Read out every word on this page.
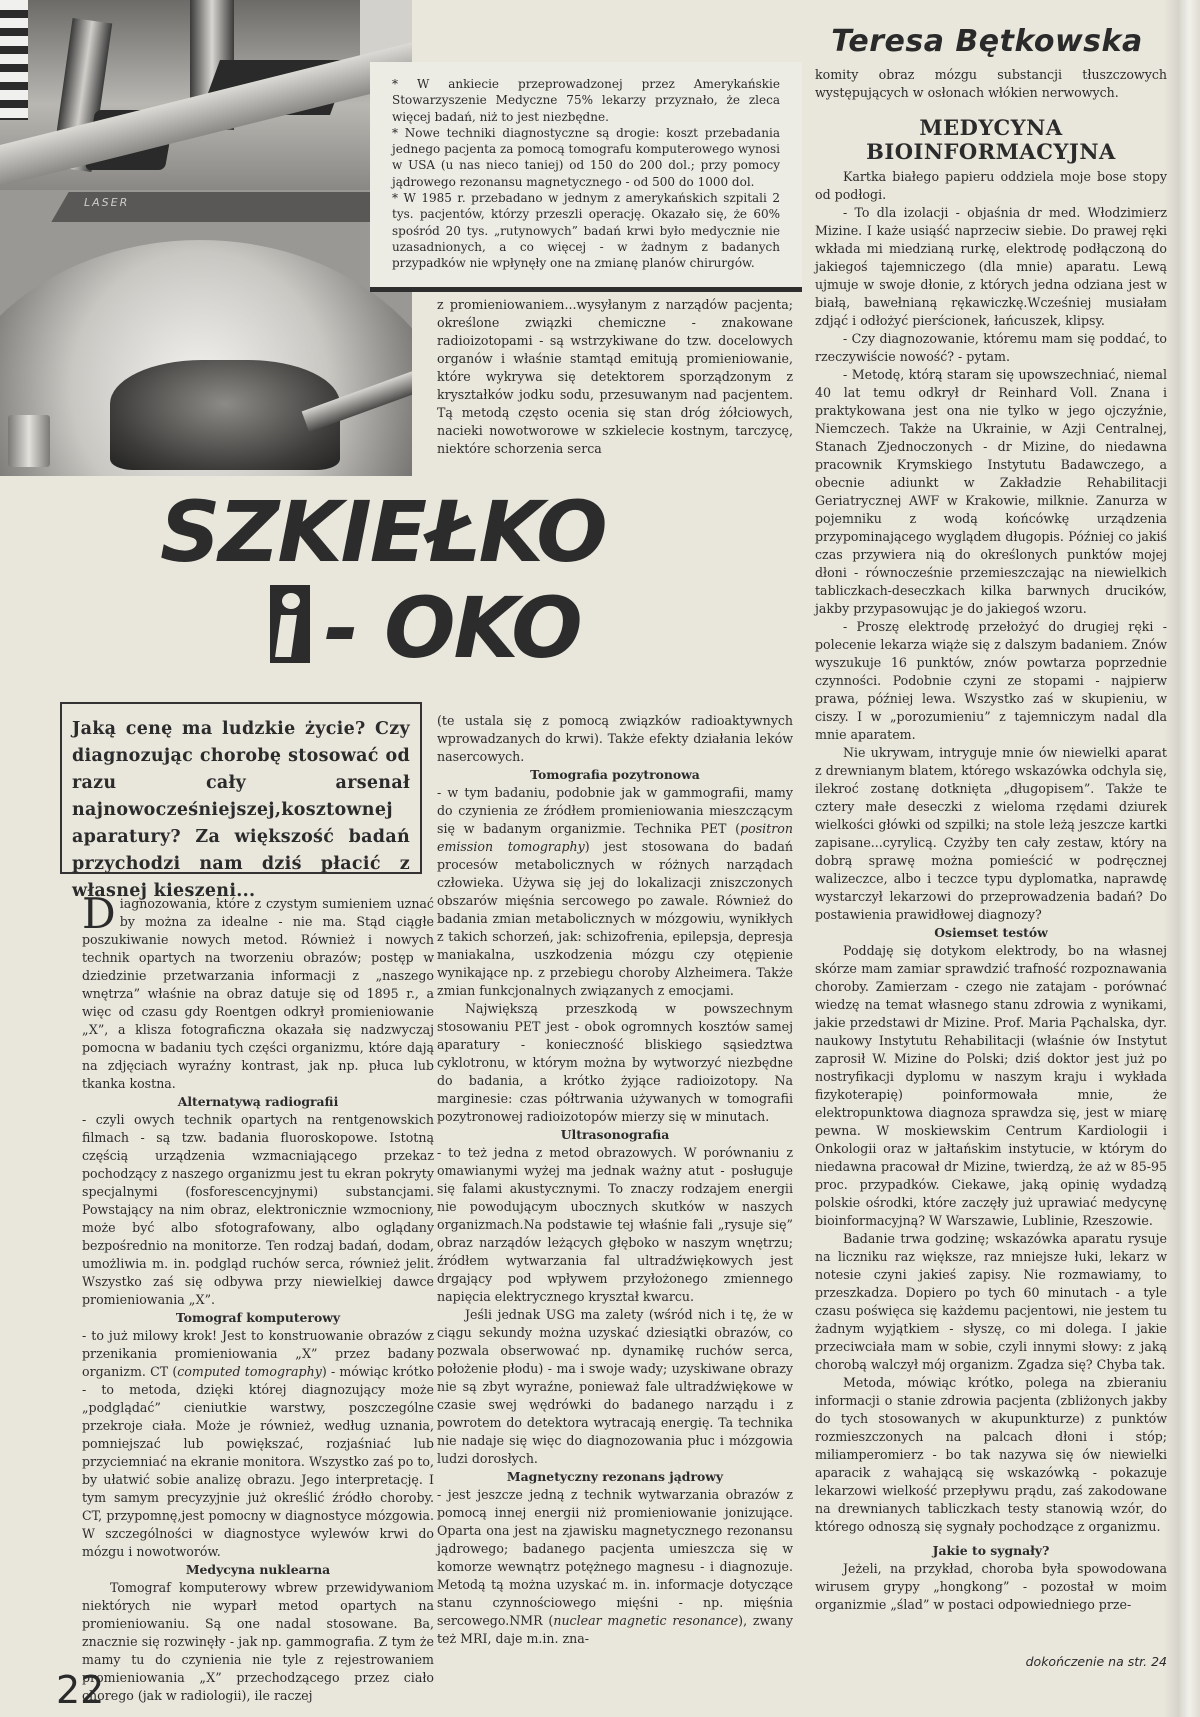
LASER

* W ankiecie przeprowadzonej przez Amerykańskie Stowarzyszenie Medyczne 75% lekarzy przyznało, że zleca więcej badań, niż to jest niezbędne.

* Nowe techniki diagnostyczne są drogie: koszt przebadania jednego pacjenta za pomocą tomografu komputerowego wynosi w USA (u nas nieco taniej) od 150 do 200 dol.; przy pomocy jądrowego rezonansu magnetycznego - od 500 do 1000 dol.

* W 1985 r. przebadano w jednym z amerykańskich szpitali 2 tys. pacjentów, którzy przeszli operację. Okazało się, że 60% spośród 20 tys. „rutynowych” badań krwi było medycznie nie uzasadnionych, a co więcej - w żadnym z badanych przypadków nie wpłynęły one na zmianę planów chirurgów.

Teresa Bętkowska

z promieniowaniem...wysyłanym z narządów pacjenta; określone związki chemiczne - znakowane radioizotopami - są wstrzykiwane do tzw. docelowych organów i właśnie stamtąd emitują promieniowanie, które wykrywa się detektorem sporządzonym z kryształków jodku sodu, przesuwanym nad pacjentem. Tą metodą często ocenia się stan dróg żółciowych, nacieki nowotworowe w szkielecie kostnym, tarczycę, niektóre schorzenia serca

SZKIEŁKO
- OKO
Jaką cenę ma ludzkie życie? Czy diagnozując chorobę stosować od razu cały arsenał najnowocześniejszej,kosztownej aparatury? Za większość badań przychodzi nam dziś płacić z własnej kieszeni...

Diagnozowania, które z czystym sumieniem uznać by można za idealne - nie ma. Stąd ciągłe poszukiwanie nowych metod. Również i nowych technik opartych na tworzeniu obrazów; postęp w dziedzinie przetwarzania informacji z „naszego wnętrza” właśnie na obraz datuje się od 1895 r., a więc od czasu gdy Roentgen odkrył promieniowanie „X”, a klisza fotograficzna okazała się nadzwyczaj pomocna w badaniu tych części organizmu, które dają na zdjęciach wyraźny kontrast, jak np. płuca lub tkanka kostna.

Alternatywą radiografii

- czyli owych technik opartych na rentgenowskich filmach - są tzw. badania fluoroskopowe. Istotną częścią urządzenia wzmacniającego przekaz pochodzący z naszego organizmu jest tu ekran pokryty specjalnymi (fosforescencyjnymi) substancjami. Powstający na nim obraz, elektronicznie wzmocniony, może być albo sfotografowany, albo oglądany bezpośrednio na monitorze. Ten rodzaj badań, dodam, umożliwia m. in. podgląd ruchów serca, również jelit. Wszystko zaś się odbywa przy niewielkiej dawce promieniowania „X”.

Tomograf komputerowy

- to już milowy krok! Jest to konstruowanie obrazów z przenikania promieniowania „X” przez badany organizm. CT (computed tomography) - mówiąc krótko - to metoda, dzięki której diagnozujący może „podglądać” cieniutkie warstwy, poszczególne przekroje ciała. Może je również, według uznania, pomniejszać lub powiększać, rozjaśniać lub przyciemniać na ekranie monitora. Wszystko zaś po to, by ułatwić sobie analizę obrazu. Jego interpretację. I tym samym precyzyjnie już określić źródło choroby. CT, przypomnę,jest pomocny w diagnostyce mózgowia. W szczególności w diagnostyce wylewów krwi do mózgu i nowotworów.

Medycyna nuklearna

Tomograf komputerowy wbrew przewidywaniom niektórych nie wyparł metod opartych na promieniowaniu. Są one nadal stosowane. Ba, znacznie się rozwinęły - jak np. gammografia. Z tym że mamy tu do czynienia nie tyle z rejestrowaniem promieniowania „X” przechodzącego przez ciało chorego (jak w radiologii), ile raczej

(te ustala się z pomocą związków radioaktywnych wprowadzanych do krwi). Także efekty działania leków nasercowych.

Tomografia pozytronowa

- w tym badaniu, podobnie jak w gammografii, mamy do czynienia ze źródłem promieniowania mieszczącym się w badanym organizmie. Technika PET (positron emission tomography) jest stosowana do badań procesów metabolicznych w różnych narządach człowieka. Używa się jej do lokalizacji zniszczonych obszarów mięśnia sercowego po zawale. Również do badania zmian metabolicznych w mózgowiu, wynikłych z takich schorzeń, jak: schizofrenia, epilepsja, depresja maniakalna, uszkodzenia mózgu czy otępienie wynikające np. z przebiegu choroby Alzheimera. Także zmian funkcjonalnych związanych z emocjami.

Największą przeszkodą w powszechnym stosowaniu PET jest - obok ogromnych kosztów samej aparatury - konieczność bliskiego sąsiedztwa cyklotronu, w którym można by wytworzyć niezbędne do badania, a krótko żyjące radioizotopy. Na marginesie: czas półtrwania używanych w tomografii pozytronowej radioizotopów mierzy się w minutach.

Ultrasonografia

- to też jedna z metod obrazowych. W porównaniu z omawianymi wyżej ma jednak ważny atut - posługuje się falami akustycznymi. To znaczy rodzajem energii nie powodującym ubocznych skutków w naszych organizmach.Na podstawie tej właśnie fali „rysuje się” obraz narządów leżących głęboko w naszym wnętrzu; źródłem wytwarzania fal ultradźwiękowych jest drgający pod wpływem przyłożonego zmiennego napięcia elektrycznego kryształ kwarcu.

Jeśli jednak USG ma zalety (wśród nich i tę, że w ciągu sekundy można uzyskać dziesiątki obrazów, co pozwala obserwować np. dynamikę ruchów serca, położenie płodu) - ma i swoje wady; uzyskiwane obrazy nie są zbyt wyraźne, ponieważ fale ultradźwiękowe w czasie swej wędrówki do badanego narządu i z powrotem do detektora wytracają energię. Ta technika nie nadaje się więc do diagnozowania płuc i mózgowia ludzi dorosłych.

Magnetyczny rezonans jądrowy

- jest jeszcze jedną z technik wytwarzania obrazów z pomocą innej energii niż promieniowanie jonizujące. Oparta ona jest na zjawisku magnetycznego rezonansu jądrowego; badanego pacjenta umieszcza się w komorze wewnątrz potężnego magnesu - i diagnozuje. Metodą tą można uzyskać m. in. informacje dotyczące stanu czynnościowego mięśni - np. mięśnia sercowego.NMR (nuclear magnetic resonance), zwany też MRI, daje m.in. zna-

komity obraz mózgu substancji tłuszczowych występujących w osłonach włókien nerwowych.

MEDYCYNA
BIOINFORMACYJNA

Kartka białego papieru oddziela moje bose stopy od podłogi.

- To dla izolacji - objaśnia dr med. Włodzimierz Mizine. I każe usiąść naprzeciw siebie. Do prawej ręki wkłada mi miedzianą rurkę, elektrodę podłączoną do jakiegoś tajemniczego (dla mnie) aparatu. Lewą ujmuje w swoje dłonie, z których jedna odziana jest w białą, bawełnianą rękawiczkę.Wcześniej musiałam zdjąć i odłożyć pierścionek, łańcuszek, klipsy.

- Czy diagnozowanie, któremu mam się poddać, to rzeczywiście nowość? - pytam.

- Metodę, którą staram się upowszechniać, niemal 40 lat temu odkrył dr Reinhard Voll. Znana i praktykowana jest ona nie tylko w jego ojczyźnie, Niemczech. Także na Ukrainie, w Azji Centralnej, Stanach Zjednoczonych - dr Mizine, do niedawna pracownik Krymskiego Instytutu Badawczego, a obecnie adiunkt w Zakładzie Rehabilitacji Geriatrycznej AWF w Krakowie, milknie. Zanurza w pojemniku z wodą końcówkę urządzenia przypominającego wyglądem długopis. Później co jakiś czas przywiera nią do określonych punktów mojej dłoni - równocześnie przemieszczając na niewielkich tabliczkach-deseczkach kilka barwnych drucików, jakby przypasowując je do jakiegoś wzoru.

- Proszę elektrodę przełożyć do drugiej ręki - polecenie lekarza wiąże się z dalszym badaniem. Znów wyszukuje 16 punktów, znów powtarza poprzednie czynności. Podobnie czyni ze stopami - najpierw prawa, później lewa. Wszystko zaś w skupieniu, w ciszy. I w „porozumieniu” z tajemniczym nadal dla mnie aparatem.

Nie ukrywam, intryguje mnie ów niewielki aparat z drewnianym blatem, którego wskazówka odchyla się, ilekroć zostanę dotknięta „długopisem”. Także te cztery małe deseczki z wieloma rzędami dziurek wielkości główki od szpilki; na stole leżą jeszcze kartki zapisane...cyrylicą. Czyżby ten cały zestaw, który na dobrą sprawę można pomieścić w podręcznej walizeczce, albo i teczce typu dyplomatka, naprawdę wystarczył lekarzowi do przeprowadzenia badań? Do postawienia prawidłowej diagnozy?

Osiemset testów

Poddaję się dotykom elektrody, bo na własnej skórze mam zamiar sprawdzić trafność rozpoznawania choroby. Zamierzam - czego nie zatajam - porównać wiedzę na temat własnego stanu zdrowia z wynikami, jakie przedstawi dr Mizine. Prof. Maria Pąchalska, dyr. naukowy Instytutu Rehabilitacji (właśnie ów Instytut zaprosił W. Mizine do Polski; dziś doktor jest już po nostryfikacji dyplomu w naszym kraju i wykłada fizykoterapię) poinformowała mnie, że elektropunktowa diagnoza sprawdza się, jest w miarę pewna. W moskiewskim Centrum Kardiologii i Onkologii oraz w jałtańskim instytucie, w którym do niedawna pracował dr Mizine, twierdzą, że aż w 85-95 proc. przypadków. Ciekawe, jaką opinię wydadzą polskie ośrodki, które zaczęły już uprawiać medycynę bioinformacyjną? W Warszawie, Lublinie, Rzeszowie.

Badanie trwa godzinę; wskazówka aparatu rysuje na liczniku raz większe, raz mniejsze łuki, lekarz w notesie czyni jakieś zapisy. Nie rozmawiamy, to przeszkadza. Dopiero po tych 60 minutach - a tyle czasu poświęca się każdemu pacjentowi, nie jestem tu żadnym wyjątkiem - słyszę, co mi dolega. I jakie przeciwciała mam w sobie, czyli innymi słowy: z jaką chorobą walczył mój organizm. Zgadza się? Chyba tak.

Metoda, mówiąc krótko, polega na zbieraniu informacji o stanie zdrowia pacjenta (zbliżonych jakby do tych stosowanych w akupunkturze) z punktów rozmieszczonych na palcach dłoni i stóp; miliamperomierz - bo tak nazywa się ów niewielki aparacik z wahającą się wskazówką - pokazuje lekarzowi wielkość przepływu prądu, zaś zakodowane na drewnianych tabliczkach testy stanowią wzór, do którego odnoszą się sygnały pochodzące z organizmu.

Jakie to sygnały?

Jeżeli, na przykład, choroba była spowodowana wirusem grypy „hongkong” - pozostał w moim organizmie „ślad” w postaci odpowiedniego prze-

dokończenie na str. 24
22
